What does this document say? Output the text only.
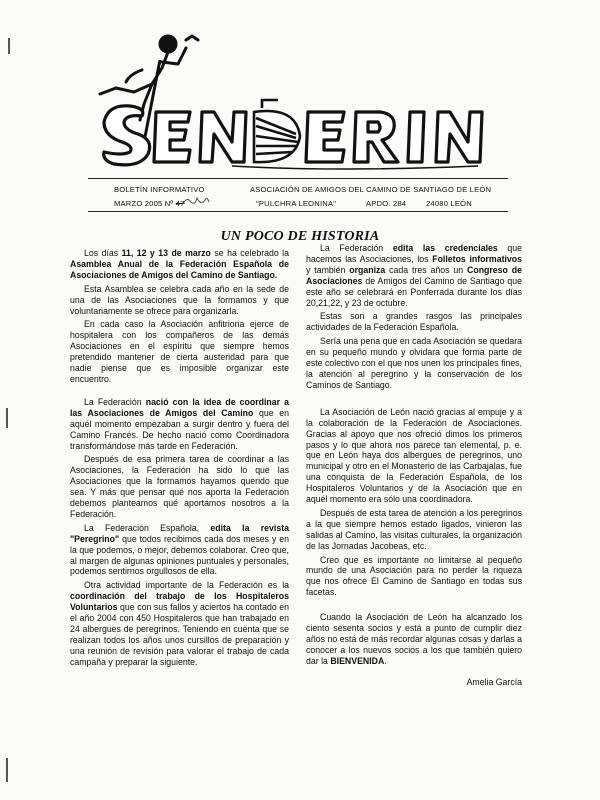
BOLETÍN INFORMATIVO
MARZO 2005 Nº 47
ASOCIACIÓN DE AMIGOS DEL CAMINO DE SANTIAGO DE LEÓN
"PULCHRA LEONINA"	APDO. 284	24080 LEÓN
UN POCO DE HISTORIA

Los días 11, 12 y 13 de marzo se ha celebrado la Asamblea Anual de la Federación Española de Asociaciones de Amigos del Camino de Santiago.

Esta Asamblea se celebra cada año en la sede de una de las Asociaciones que la formamos y que voluntariamente se ofrece para organizarla.

En cada caso la Asociación anfitriona ejerce de hospitalera con los compañeros de las demás Asociaciones en el espíritu que siempre hemos pretendido mantener de cierta austeridad para que nadie piense que es imposible organizar este encuentro.

La Federación nació con la idea de coordinar a las Asociaciones de Amigos del Camino que en aquél momento empezaban a surgir dentro y fuera del Camino Francés. De hecho nació como Coordinadora transformándose más tarde en Federación.

Después de esa primera tarea de coordinar a las Asociaciones, la Federación ha sido lo que las Asociaciones que la formamos hayamos querido que sea. Y más que pensar qué nos aporta la Federación debemos planteamos qué aportamos nosotros a la Federación.

La Federación Española, edita la revista "Peregrino" que todos recibimos cada dos meses y en la que podemos, o mejor, debemos colaborar. Creo que, al margen de algunas opiniones puntuales y personales, podemos sentirnos orgullosos de ella.

Otra actividad importante de la Federación es la coordinación del trabajo de los Hospitaleros Voluntarios que con sus fallos y aciertos ha contado en el año 2004 con 450 Hospitaleros que han trabajado en 24 albergues de peregrinos. Teniendo en cuenta que se realizan todos los años unos cursillos de preparación y una reunión de revisión para valorar el trabajo de cada campaña y preparar la siguiente.

La Federación edita las credenciales que hacemos las Asociaciones, los Folletos informativos y también organiza cada tres años un Congreso de Asociaciones de Amigos del Camino de Santiago que este año se celebrará en Ponferrada durante los días 20,21,22, y 23 de octubre.

Estas son a grandes rasgos las principales actividades de la Federación Española.

Sería una pena que en cada Asociación se quedara en su pequeño mundo y olvidara que forma parte de este colectivo con el que nos unen los principales fines, la atención al peregrino y la conservación de los Caminos de Santiago.

La Asociación de León nació gracias al empuje y a la colaboración de la Federación de Asociaciones. Gracias al apoyo que nos ofreció dimos los primeros pasos y lo que ahora nos parece tan elemental, p. e. que en León haya dos albergues de peregrinos, uno municipal y otro en el Monasterio de las Carbajalas, fue una conquista de la Federación Española, de los Hospitaleros Voluntarios y de la Asociación que en aquél momento era sólo una coordinadora.

Después de esta tarea de atención a los peregrinos a la que siempre hemos estado ligados, vinieron las salidas al Camino, las visitas culturales, la organización de las Jornadas Jacobeas, etc.

Creo que es importante no limitarse al pequeño mundo de una Asociación para no perder la riqueza que nos ofrece El Camino de Santiago en todas sus facetas.

Cuando la Asociación de León ha alcanzado los ciento sesenta socios y está a punto de cumplir diez años no está de más recordar algunas cosas y darlas a conocer a los nuevos socios a los que también quiero dar la BIENVENIDA.

Amelia García
